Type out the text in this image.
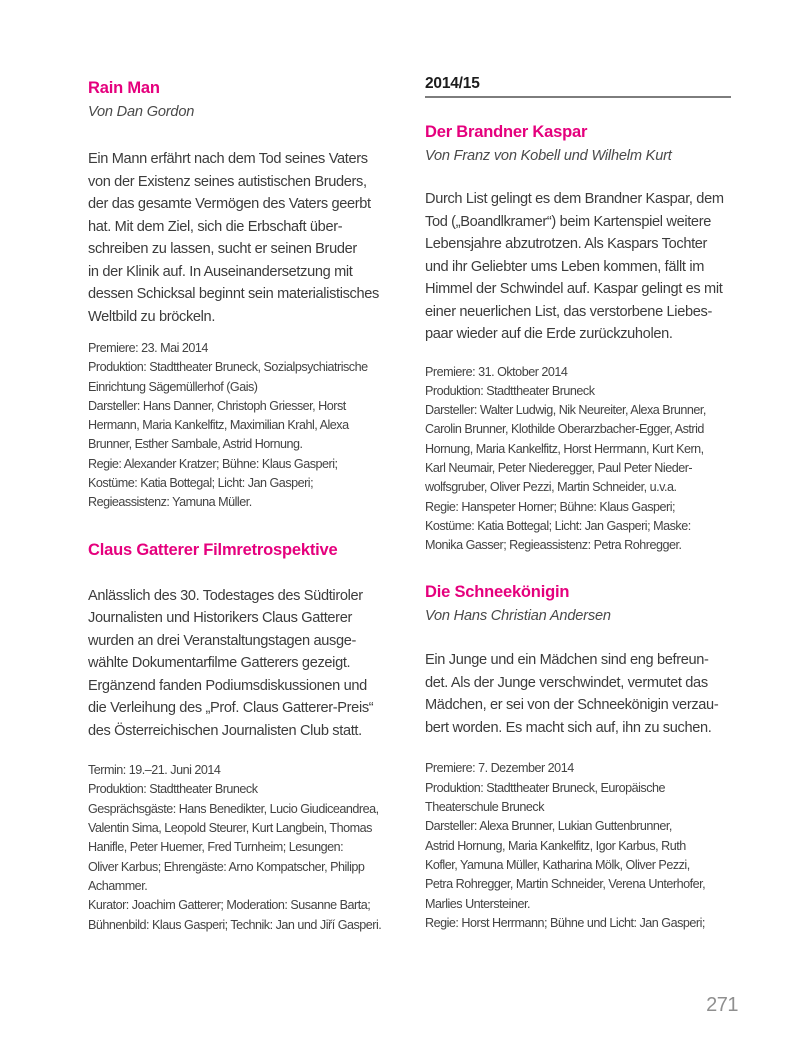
Rain Man

Von Dan Gordon

Ein Mann erfährt nach dem Tod seines Vaters
von der Existenz seines autistischen Bruders,
der das gesamte Vermögen des Vaters geerbt
hat. Mit dem Ziel, sich die Erbschaft über-
schreiben zu lassen, sucht er seinen Bruder
in der Klinik auf. In Auseinandersetzung mit
dessen Schicksal beginnt sein materialistisches
Weltbild zu bröckeln.
Premiere: 23. Mai 2014
Produktion: Stadttheater Bruneck, Sozialpsychiatrische
Einrichtung Sägemüllerhof (Gais)
Darsteller: Hans Danner, Christoph Griesser, Horst
Hermann, Maria Kankelfitz, Maximilian Krahl, Alexa
Brunner, Esther Sambale, Astrid Hornung.
Regie: Alexander Kratzer; Bühne: Klaus Gasperi;
Kostüme: Katia Bottegal; Licht: Jan Gasperi;
Regieassistenz: Yamuna Müller.
Claus Gatterer Filmretrospektive
Anlässlich des 30. Todestages des Südtiroler
Journalisten und Historikers Claus Gatterer
wurden an drei Veranstaltungstagen ausge-
wählte Dokumentarfilme Gatterers gezeigt.
Ergänzend fanden Podiumsdiskussionen und
die Verleihung des „Prof. Claus Gatterer-Preis“
des Österreichischen Journalisten Club statt.
Termin: 19.–21. Juni 2014
Produktion: Stadttheater Bruneck
Gesprächsgäste: Hans Benedikter, Lucio Giudiceandrea,
Valentin Sima, Leopold Steurer, Kurt Langbein, Thomas
Hanifle, Peter Huemer, Fred Turnheim; Lesungen:
Oliver Karbus; Ehrengäste: Arno Kompatscher, Philipp
Achammer.
Kurator: Joachim Gatterer; Moderation: Susanne Barta;
Bühnenbild: Klaus Gasperi; Technik: Jan und Jiří Gasperi.
2014/15
Der Brandner Kaspar

Von Franz von Kobell und Wilhelm Kurt

Durch List gelingt es dem Brandner Kaspar, dem
Tod („Boandlkramer“) beim Kartenspiel weitere
Lebensjahre abzutrotzen. Als Kaspars Tochter
und ihr Geliebter ums Leben kommen, fällt im
Himmel der Schwindel auf. Kaspar gelingt es mit
einer neuerlichen List, das verstorbene Liebes-
paar wieder auf die Erde zurückzuholen.
Premiere: 31. Oktober 2014
Produktion: Stadttheater Bruneck
Darsteller: Walter Ludwig, Nik Neureiter, Alexa Brunner,
Carolin Brunner, Klothilde Oberarzbacher-Egger, Astrid
Hornung, Maria Kankelfitz, Horst Herrmann, Kurt Kern,
Karl Neumair, Peter Niederegger, Paul Peter Nieder-
wolfsgruber, Oliver Pezzi, Martin Schneider, u.v.a.
Regie: Hanspeter Horner; Bühne: Klaus Gasperi;
Kostüme: Katia Bottegal; Licht: Jan Gasperi; Maske:
Monika Gasser; Regieassistenz: Petra Rohregger.
Die Schneekönigin

Von Hans Christian Andersen

Ein Junge und ein Mädchen sind eng befreun-
det. Als der Junge verschwindet, vermutet das
Mädchen, er sei von der Schneekönigin verzau-
bert worden. Es macht sich auf, ihn zu suchen.
Premiere: 7. Dezember 2014
Produktion: Stadttheater Bruneck, Europäische
Theaterschule Bruneck
Darsteller: Alexa Brunner, Lukian Guttenbrunner,
Astrid Hornung, Maria Kankelfitz, Igor Karbus, Ruth
Kofler, Yamuna Müller, Katharina Mölk, Oliver Pezzi,
Petra Rohregger, Martin Schneider, Verena Unterhofer,
Marlies Untersteiner.
Regie: Horst Herrmann; Bühne und Licht: Jan Gasperi;
271
